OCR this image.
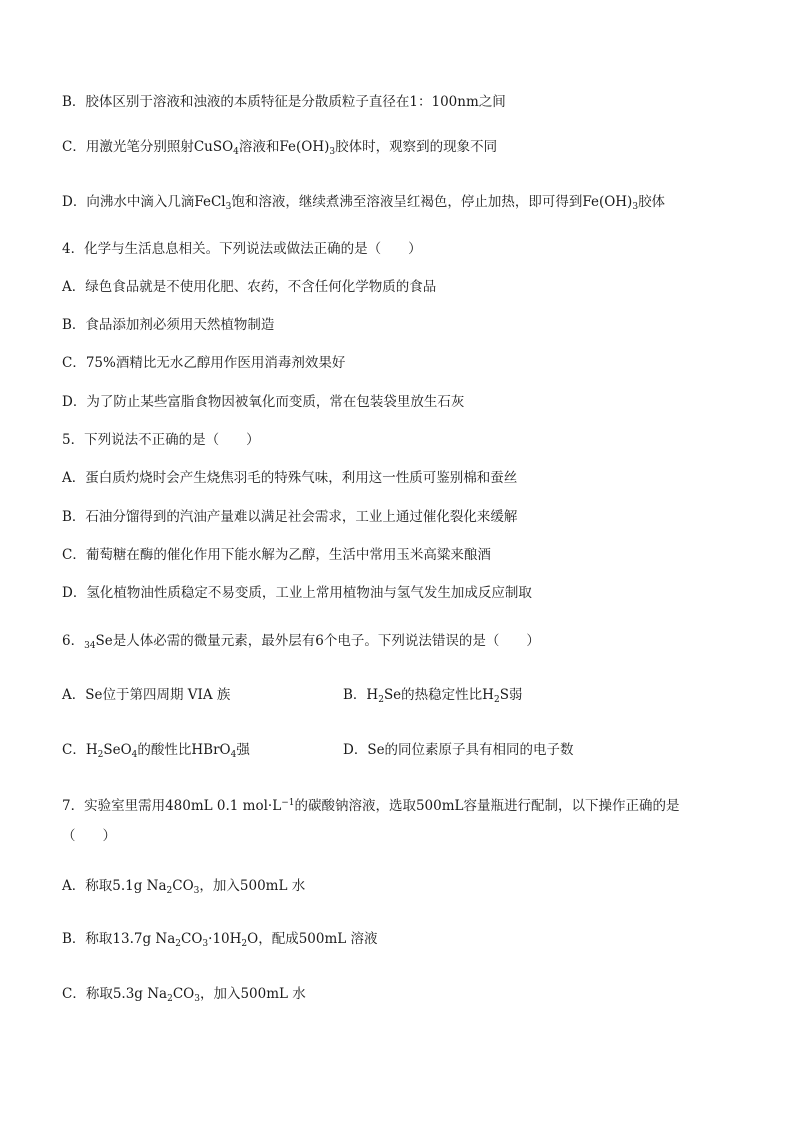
B．胶体区别于溶液和浊液的本质特征是分散质粒子直径在1：100nm之间
C．用激光笔分别照射CuSO$_4$溶液和$Fe(OH)_3$胶体时，观察到的现象不同
D．向沸水中滴入几滴FeCl$_3$饱和溶液，继续煮沸至溶液呈红褐色，停止加热，即可得到$Fe(OH)_3$胶体
4．化学与生活息息相关。下列说法或做法正确的是（　　）
A．绿色食品就是不使用化肥、农药，不含任何化学物质的食品
B．食品添加剂必须用天然植物制造
C．75%酒精比无水乙醇用作医用消毒剂效果好
D．为了防止某些富脂食物因被氧化而变质，常在包装袋里放生石灰
5．下列说法不正确的是（　　）
A．蛋白质灼烧时会产生烧焦羽毛的特殊气味，利用这一性质可鉴别棉和蚕丝
B．石油分馏得到的汽油产量难以满足社会需求，工业上通过催化裂化来缓解
C．葡萄糖在酶的催化作用下能水解为乙醇，生活中常用玉米高粱来酿酒
D．氢化植物油性质稳定不易变质，工业上常用植物油与氢气发生加成反应制取
6．$_{34}$Se是人体必需的微量元素，最外层有6个电子。下列说法错误的是（　　）
A．Se位于第四周期 VIA 族	B．$H_2Se$的热稳定性比$H_2S$弱
C．$H_2SeO_4$的酸性比HBrO$_4$强	D．Se的同位素原子具有相同的电子数
7．实验室里需用480mL 0.1 $mol\cdot L^{-1}$的碳酸钠溶液，选取500mL容量瓶进行配制，以下操作正确的是
（　　）
A．称取5.1g $Na_2CO_3$，加入500mL 水
B．称取13.7g $Na_2CO_3\cdot 10H_2O$，配成500mL 溶液
C．称取5.3g $Na_2CO_3$，加入500mL 水
